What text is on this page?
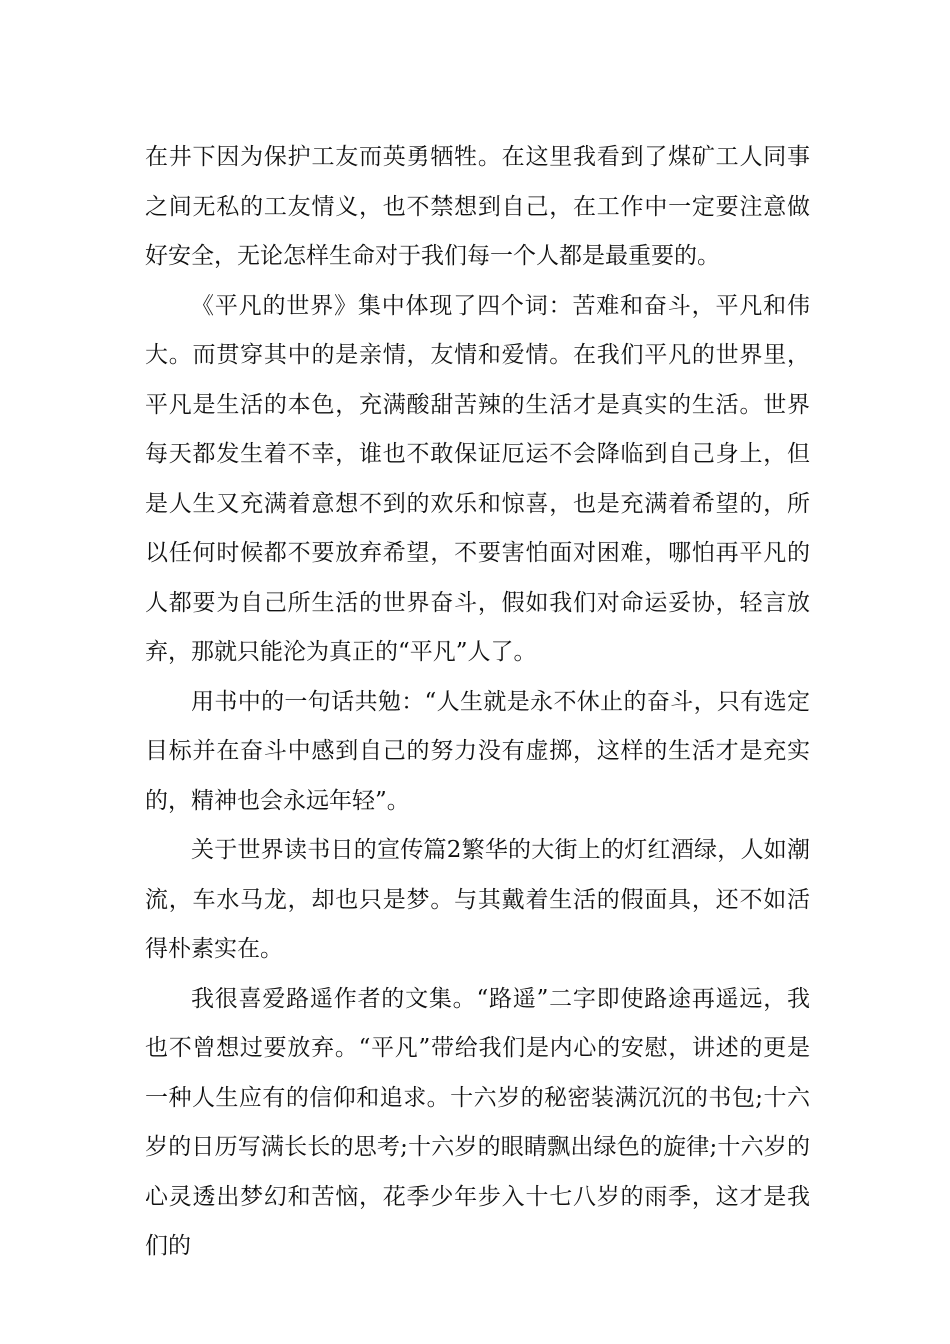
在井下因为保护工友而英勇牺牲。在这里我看到了煤矿工人同事之间无私的工友情义，也不禁想到自己，在工作中一定要注意做好安全，无论怎样生命对于我们每一个人都是最重要的。

《平凡的世界》集中体现了四个词：苦难和奋斗，平凡和伟大。而贯穿其中的是亲情，友情和爱情。在我们平凡的世界里，平凡是生活的本色，充满酸甜苦辣的生活才是真实的生活。世界每天都发生着不幸，谁也不敢保证厄运不会降临到自己身上，但是人生又充满着意想不到的欢乐和惊喜，也是充满着希望的，所以任何时候都不要放弃希望，不要害怕面对困难，哪怕再平凡的人都要为自己所生活的世界奋斗，假如我们对命运妥协，轻言放弃，那就只能沦为真正的“平凡”人了。

用书中的一句话共勉：“人生就是永不休止的奋斗，只有选定目标并在奋斗中感到自己的努力没有虚掷，这样的生活才是充实的，精神也会永远年轻”。

关于世界读书日的宣传篇2繁华的大街上的灯红酒绿，人如潮流，车水马龙，却也只是梦。与其戴着生活的假面具，还不如活得朴素实在。

我很喜爱路遥作者的文集。“路遥”二字即使路途再遥远，我也不曾想过要放弃。“平凡”带给我们是内心的安慰，讲述的更是一种人生应有的信仰和追求。十六岁的秘密装满沉沉的书包;十六岁的日历写满长长的思考;十六岁的眼睛飘出绿色的旋律;十六岁的心灵透出梦幻和苦恼，花季少年步入十七八岁的雨季，这才是我们的
